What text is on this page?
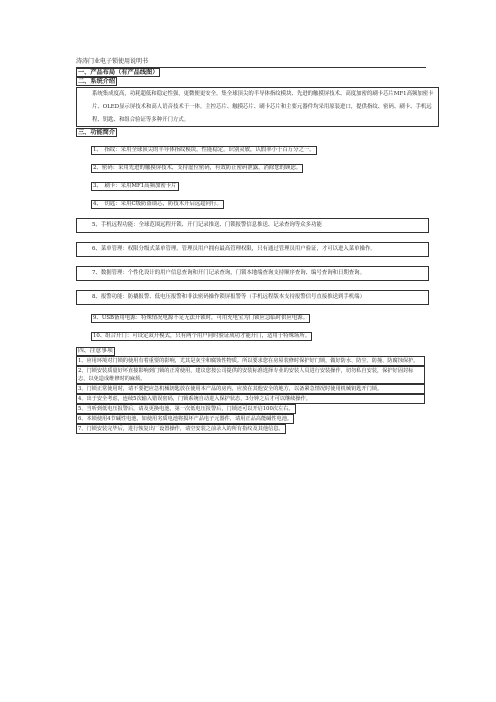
涛涛门业电子锁使用说明书
一、产品布局（有产品线图）
二、系统介绍
系统集成度高，功耗超低和稳定性强，更微便更安全。集全球顶尖的半导体指纹模块、先进的触摸屏技术、高度加密的刷卡芯片MF1高频加密卡片、OLED显示屏技术和高人语音技术于一体。主控芯片、触摸芯片、刷卡芯片和主要元器件均采用原装进口，提供指纹、密码、刷卡、手机远程、钥匙、和组合验证等多种开门方式。
三、功能简介
1、　指纹：采用全球顶尖的半导体指纹模块，性能稳定，识别灵敏，认假率小于百万分之一。
2、密码：采用先进的触摸屏技术，支持虚位密码，有效防止密码泄露，消除您的顾虑。
3、　刷卡：采用MF1高频加密卡片
4、　钥匙：采用C级防盗锁芯，防技术开启远超同行。
5、手机远程功能：全球范围远程开锁、开门记录推送、门锁报警信息推送、记录查询等众多功能
6、菜单管理：权限分级式菜单管理，管理员用户拥有最高管理权限，只有通过管理员用户验证，才可以进入菜单操作。
7、数据管理：个性化设计的用户信息查询和开门记录查询，门锁本地端查询支持顺序查询、编号查询和日期查询。
8、报警功能：防撬报警、低电压报警和非法密码操作锁屏报警等（手机远程版本支持报警信号直接推送到手机端）
9、USB备用电源：特殊情况电源不足无法开锁时，可用充电宝为门锁应急临时供应电源。
10、组合开门：可设定双开模式，只有两个用户同时验证成功才能开门，适用于特殊场所。
四、注意事项
1、应用环境对门锁的使用有着重要的影响，尤其是灰尘和腐蚀性物质。所以要求您在房屋装修时保护好门锁，做好防水、防尘、防撞、防腐蚀保护。
2、门锁安装质量好坏直接影响到门锁的正常使用，建议您按公司提供的安装标准选择专业的安装人员进行安装操作，切勿私自安装，保护好固封标志，以免造成维修时的麻烦。
3、门锁正常使用时，请不要把应急机械钥匙放在使用本产品的房内，应放在其他安全的地方，以备紧急情况时使用机械钥匙开门锁。
4、出于安全考虑，连续5次输入错误密码，门锁系统自动进入保护状态，3分钟之后才可以继续操作。
5、当听到低电压报警后，请及更换电池，第一次低电压报警后，门锁还可以开启100次左右。
6、本锁使用4节碱性电池，如使用劣质电池将损坏产品电子元器件，请用正品高能碱性电池。
7、门锁安装完毕后，进行恢复出厂设置操作，请空安装之前录入的所有指纹及其他信息。
